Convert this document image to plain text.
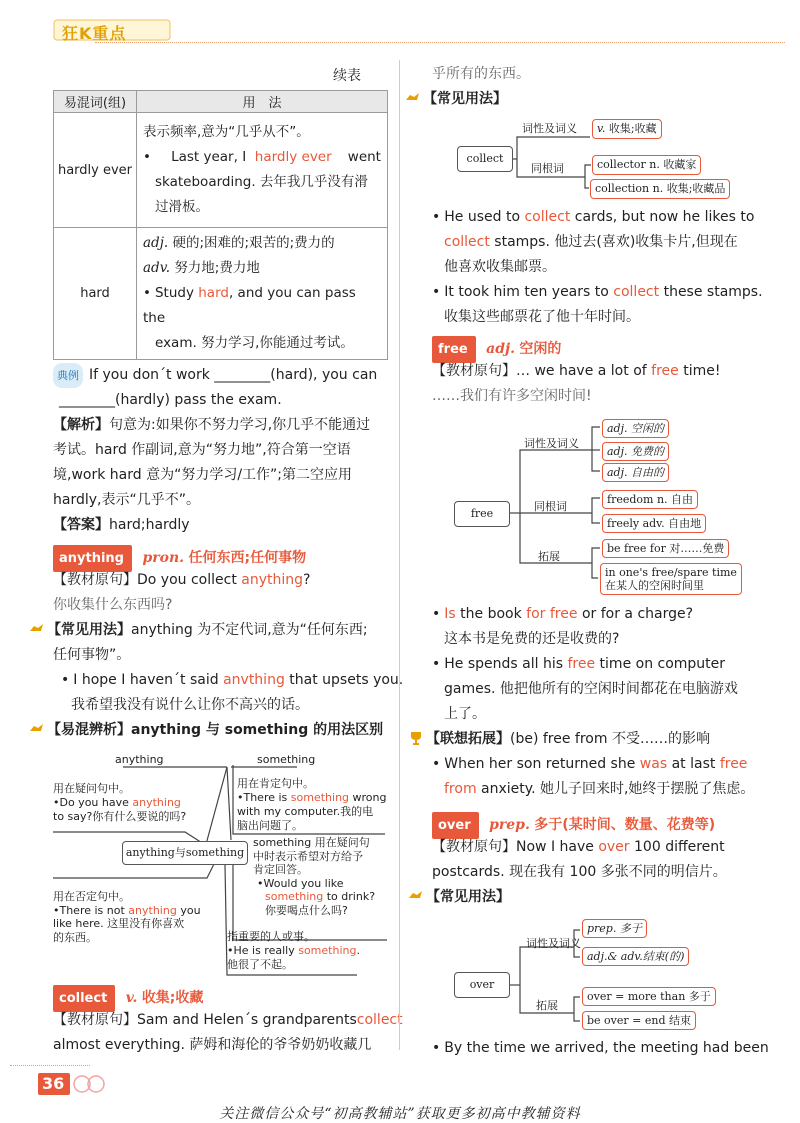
狂K重点
续表
易混词(组)	用　法
hardly ever	表示频率,意为“几乎从不”。
• Last year, I hardly ever went
skateboarding. 去年我几乎没有滑
过滑板。

hard	adj. 硬的;困难的;艰苦的;费力的
adv. 努力地;费力地
• Study hard, and you can pass the
exam. 努力学习,你能通过考试。
典例 If you don´t work ________(hard), you can
________(hardly) pass the exam.
【解析】句意为:如果你不努力学习,你几乎不能通过
考试。hard 作副词,意为“努力地”,符合第一空语
境,work hard 意为“努力学习/工作”;第二空应用
hardly,表示“几乎不”。
【答案】hard;hardly
anything pron. 任何东西;任何事物
【教材原句】Do you collect anything?
你收集什么东西吗?
【常见用法】anything 为不定代词,意为“任何东西;
任何事物”。
• I hope I haven´t said anvthing that upsets you.
我希望我没有说什么让你不高兴的话。
【易混辨析】anything 与 something 的用法区别
anything	something
用在疑问句中。
•Do you have anything
to say?你有什么要说的吗?
用在肯定句中。
•There is something wrong
with my computer.我的电
脑出问题了。
anything与something
something 用在疑问句
中时表示希望对方给予
肯定回答。
•Would you like
something to drink?
你要喝点什么吗?
用在否定句中。
•There is not anything you
like here. 这里没有你喜欢
的东西。	指重要的人或事。
•He is really something.
他很了不起。
collect v. 收集;收藏
【教材原句】Sam and Helen´s grandparents collect
almost everything. 萨姆和海伦的爷爷奶奶收藏几
乎所有的东西。
【常见用法】
collect
词性及词义	v. 收集;收藏
同根词	collector n. 收藏家
collection n. 收集;收藏品
• He used to collect cards, but now he likes to
collect stamps. 他过去(喜欢)收集卡片,但现在
他喜欢收集邮票。
• It took him ten years to collect these stamps.
收集这些邮票花了他十年时间。
free adj. 空闲的
【教材原句】… we have a lot of free time!
……我们有许多空闲时间!
free
词性及词义
adj. 空闲的
adj. 免费的
adj. 自由的
同根词
freedom n. 自由
freely adv. 自由地
拓展
be free for 对……免费
in one's free/spare time
在某人的空闲时间里
• Is the book for free or for a charge?
这本书是免费的还是收费的?
• He spends all his free time on computer
games. 他把他所有的空闲时间都花在电脑游戏
上了。
【联想拓展】(be) free from 不受……的影响
• When her son returned she was at last free
from anxiety. 她儿子回来时,她终于摆脱了焦虑。
over prep. 多于(某时间、数量、花费等)
【教材原句】Now I have over 100 different
postcards. 现在我有 100 多张不同的明信片。
【常见用法】
over
词性及词义
prep. 多于
adj.& adv.结束(的)
拓展
over = more than 多于
be over = end 结束
• By the time we arrived, the meeting had been
36
关注微信公众号“初高教辅站”获取更多初高中教辅资料
